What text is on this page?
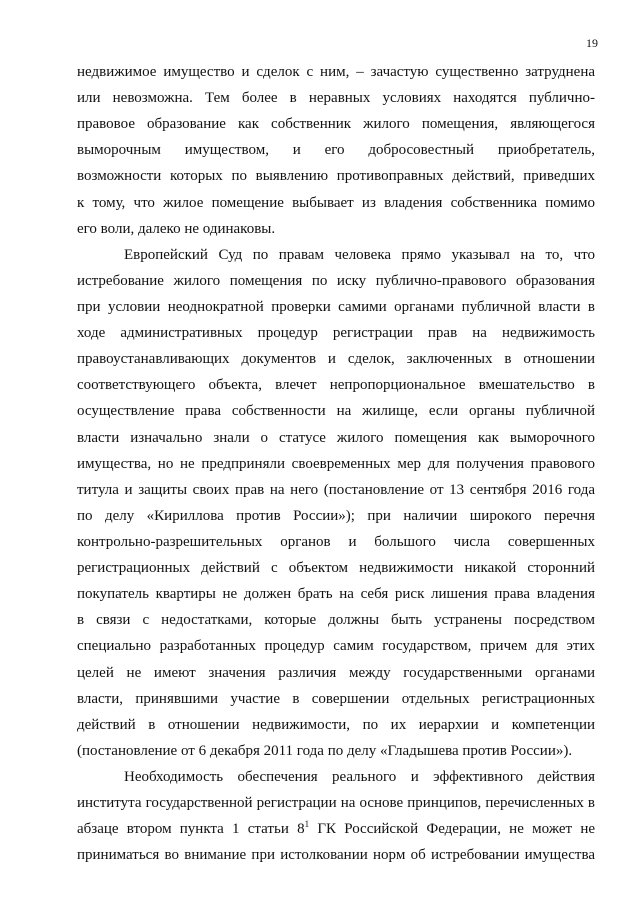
19
недвижимое имущество и сделок с ним, – зачастую существенно затруднена
или невозможна. Тем более в неравных условиях находятся публично-
правовое образование как собственник жилого помещения, являющегося
выморочным имуществом, и его добросовестный приобретатель,
возможности которых по выявлению противоправных действий, приведших
к тому, что жилое помещение выбывает из владения собственника помимо
его воли, далеко не одинаковы.
Европейский Суд по правам человека прямо указывал на то, что
истребование жилого помещения по иску публично-правового образования
при условии неоднократной проверки самими органами публичной власти в
ходе административных процедур регистрации прав на недвижимость
правоустанавливающих документов и сделок, заключенных в отношении
соответствующего объекта, влечет непропорциональное вмешательство в
осуществление права собственности на жилище, если органы публичной
власти изначально знали о статусе жилого помещения как выморочного
имущества, но не предприняли своевременных мер для получения правового
титула и защиты своих прав на него (постановление от 13 сентября 2016 года
по делу «Кириллова против России»); при наличии широкого перечня
контрольно-разрешительных органов и большого числа совершенных
регистрационных действий с объектом недвижимости никакой сторонний
покупатель квартиры не должен брать на себя риск лишения права владения
в связи с недостатками, которые должны быть устранены посредством
специально разработанных процедур самим государством, причем для этих
целей не имеют значения различия между государственными органами
власти, принявшими участие в совершении отдельных регистрационных
действий в отношении недвижимости, по их иерархии и компетенции
(постановление от 6 декабря 2011 года по делу «Гладышева против России»).
Необходимость обеспечения реального и эффективного действия
института государственной регистрации на основе принципов, перечисленных в
абзаце втором пункта 1 статьи $8^1$ ГК Российской Федерации, не может не
приниматься во внимание при истолковании норм об истребовании имущества
